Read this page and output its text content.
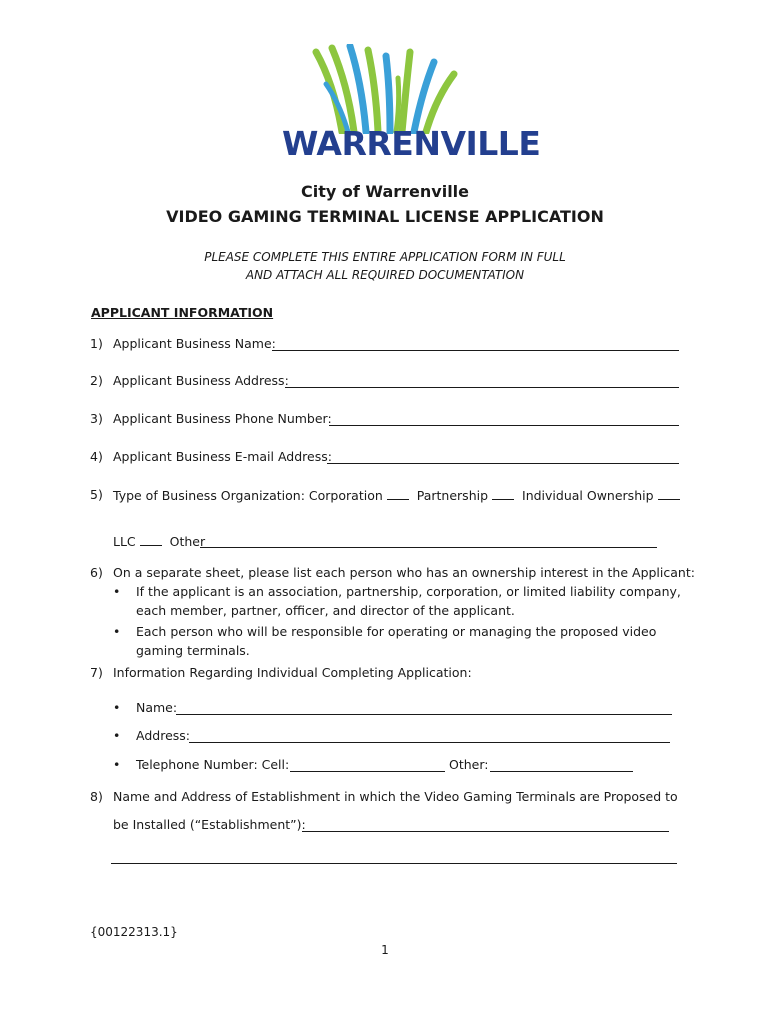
WARRENVILLE
City of Warrenville
VIDEO GAMING TERMINAL LICENSE APPLICATION
PLEASE COMPLETE THIS ENTIRE APPLICATION FORM IN FULL
AND ATTACH ALL REQUIRED DOCUMENTATION
APPLICANT INFORMATION
1) Applicant Business Name:
2) Applicant Business Address:
3) Applicant Business Phone Number:
4) Applicant Business E-mail Address:
5) Type of Business Organization: Corporation	Partnership	Individual Ownership
LLC	Other
6) On a separate sheet, please list each person who has an ownership interest in the Applicant:
• If the applicant is an association, partnership, corporation, or limited liability company,
each member, partner, officer, and director of the applicant.
• Each person who will be responsible for operating or managing the proposed video
gaming terminals.
7) Information Regarding Individual Completing Application:
• Name:
• Address:
• Telephone Number: Cell:	Other:
8) Name and Address of Establishment in which the Video Gaming Terminals are Proposed to
be Installed (“Establishment”):
{00122313.1}
1
